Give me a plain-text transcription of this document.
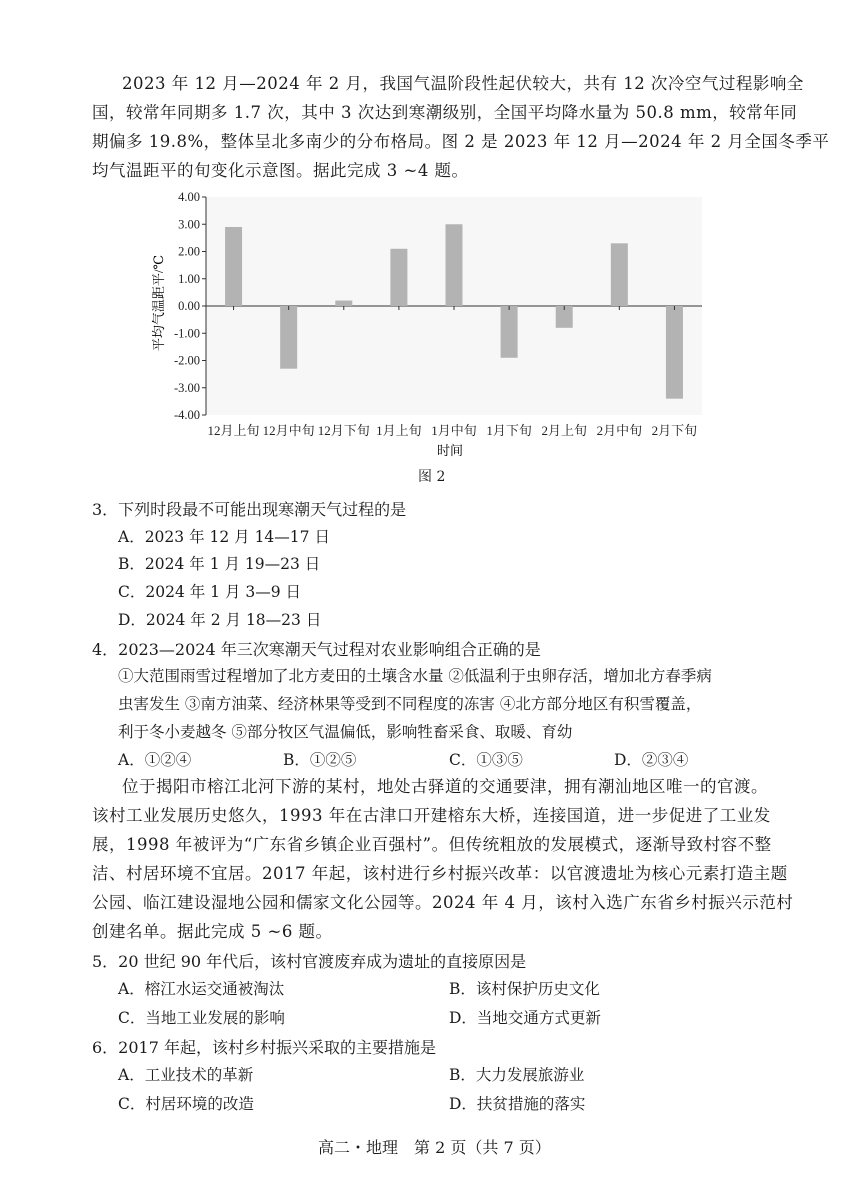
2023 年 12 月—2024 年 2 月，我国气温阶段性起伏较大，共有 12 次冷空气过程影响全
国，较常年同期多 1.7 次，其中 3 次达到寒潮级别，全国平均降水量为 50.8 mm，较常年同
期偏多 19.8%，整体呈北多南少的分布格局。图 2 是 2023 年 12 月—2024 年 2 月全国冬季平
均气温距平的旬变化示意图。据此完成 3 ~4 题。
4.00
3.00
2.00
1.00
0.00
-1.00
-2.00
-3.00
-4.00
12月上旬 12月中旬 12月下旬 1月上旬 1月中旬 1月下旬 2月上旬 2月中旬 2月下旬
平均气温距平/℃
时间
图 2
3．下列时段最不可能出现寒潮天气过程的是
A．2023 年 12 月 14—17 日
B．2024 年 1 月 19—23 日
C．2024 年 1 月 3—9 日
D．2024 年 2 月 18—23 日
4．2023—2024 年三次寒潮天气过程对农业影响组合正确的是
①大范围雨雪过程增加了北方麦田的土壤含水量 ②低温利于虫卵存活，增加北方春季病
虫害发生 ③南方油菜、经济林果等受到不同程度的冻害 ④北方部分地区有积雪覆盖，
利于冬小麦越冬 ⑤部分牧区气温偏低，影响牲畜采食、取暖、育幼
A．①②④	B．①②⑤	C．①③⑤	D．②③④
位于揭阳市榕江北河下游的某村，地处古驿道的交通要津，拥有潮汕地区唯一的官渡。
该村工业发展历史悠久，1993 年在古津口开建榕东大桥，连接国道，进一步促进了工业发
展，1998 年被评为“广东省乡镇企业百强村”。但传统粗放的发展模式，逐渐导致村容不整
洁、村居环境不宜居。2017 年起，该村进行乡村振兴改革：以官渡遗址为核心元素打造主题
公园、临江建设湿地公园和儒家文化公园等。2024 年 4 月，该村入选广东省乡村振兴示范村
创建名单。据此完成 5 ~6 题。
5．20 世纪 90 年代后，该村官渡废弃成为遗址的直接原因是
A．榕江水运交通被淘汰	B．该村保护历史文化
C．当地工业发展的影响	D．当地交通方式更新
6．2017 年起，该村乡村振兴采取的主要措施是
A．工业技术的革新	B．大力发展旅游业
C．村居环境的改造	D．扶贫措施的落实
高二・地理　第 2 页（共 7 页）
